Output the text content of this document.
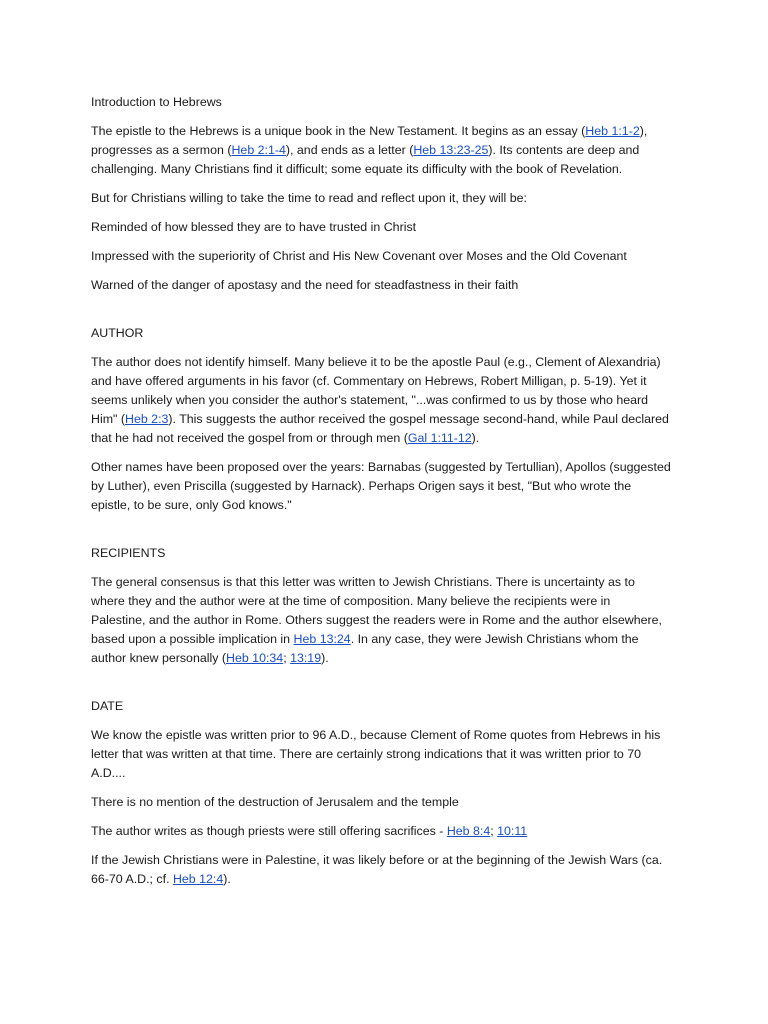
Introduction to Hebrews

The epistle to the Hebrews is a unique book in the New Testament. It begins as an essay (Heb 1:1-2),

progresses as a sermon (Heb 2:1-4), and ends as a letter (Heb 13:23-25). Its contents are deep and

challenging. Many Christians find it difficult; some equate its difficulty with the book of Revelation.

But for Christians willing to take the time to read and reflect upon it, they will be:

Reminded of how blessed they are to have trusted in Christ

Impressed with the superiority of Christ and His New Covenant over Moses and the Old Covenant

Warned of the danger of apostasy and the need for steadfastness in their faith

AUTHOR

The author does not identify himself. Many believe it to be the apostle Paul (e.g., Clement of Alexandria)

and have offered arguments in his favor (cf. Commentary on Hebrews, Robert Milligan, p. 5-19). Yet it

seems unlikely when you consider the author's statement, "...was confirmed to us by those who heard

Him" (Heb 2:3). This suggests the author received the gospel message second-hand, while Paul declared

that he had not received the gospel from or through men (Gal 1:11-12).

Other names have been proposed over the years: Barnabas (suggested by Tertullian), Apollos (suggested

by Luther), even Priscilla (suggested by Harnack). Perhaps Origen says it best, "But who wrote the

epistle, to be sure, only God knows."

RECIPIENTS

The general consensus is that this letter was written to Jewish Christians. There is uncertainty as to

where they and the author were at the time of composition. Many believe the recipients were in

Palestine, and the author in Rome. Others suggest the readers were in Rome and the author elsewhere,

based upon a possible implication in Heb 13:24. In any case, they were Jewish Christians whom the

author knew personally (Heb 10:34; 13:19).

DATE

We know the epistle was written prior to 96 A.D., because Clement of Rome quotes from Hebrews in his

letter that was written at that time. There are certainly strong indications that it was written prior to 70

A.D....

There is no mention of the destruction of Jerusalem and the temple

The author writes as though priests were still offering sacrifices - Heb 8:4; 10:11

If the Jewish Christians were in Palestine, it was likely before or at the beginning of the Jewish Wars (ca.

66-70 A.D.; cf. Heb 12:4).
